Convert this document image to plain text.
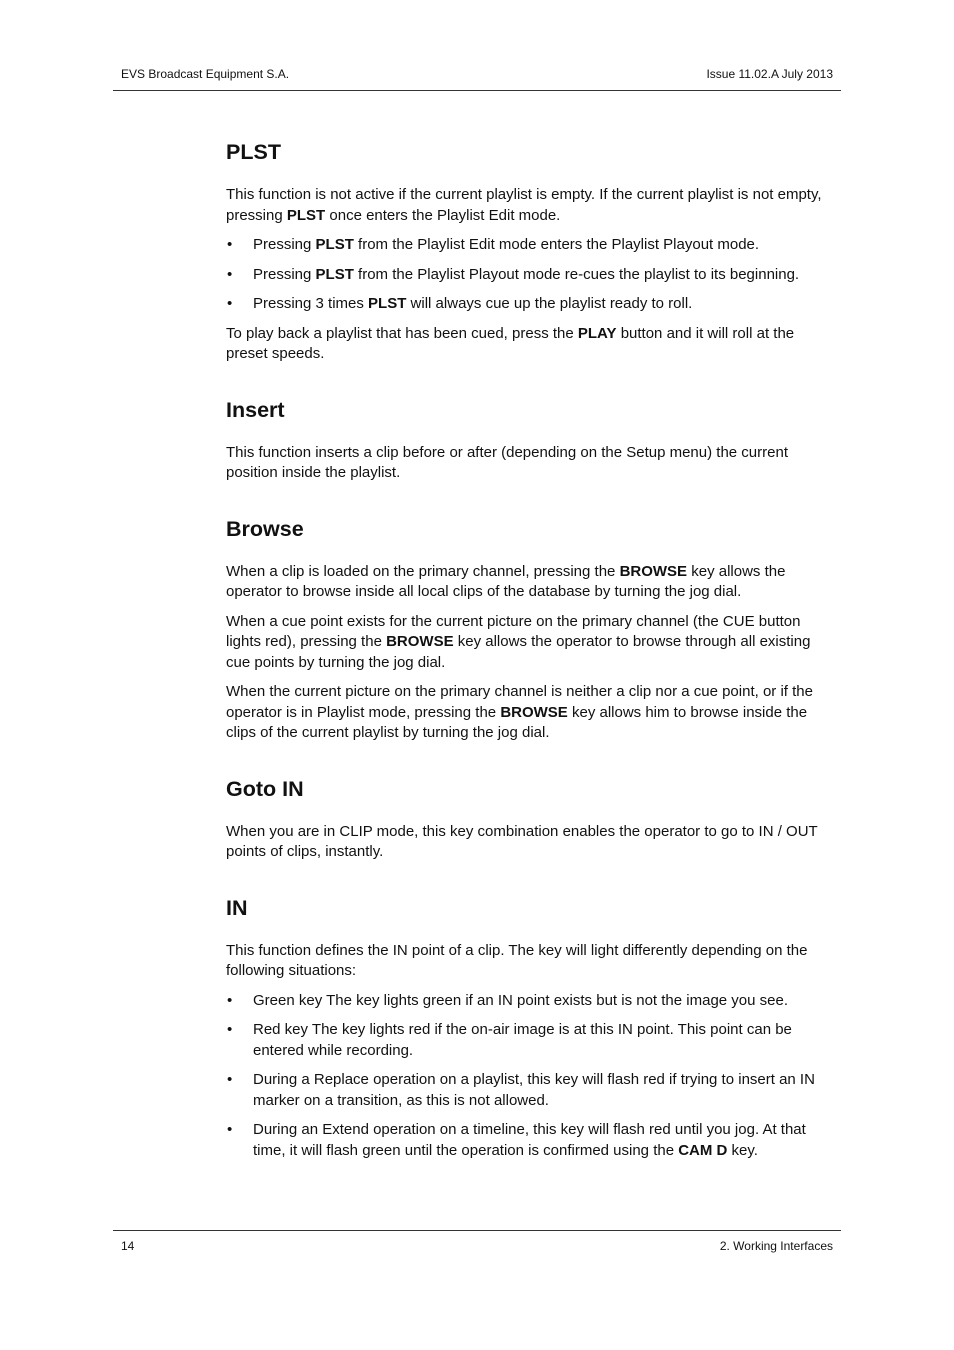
EVS Broadcast Equipment S.A.	Issue 11.02.A July 2013
PLST

This function is not active if the current playlist is empty. If the current playlist is not empty, pressing PLST once enters the Playlist Edit mode.

• Pressing PLST from the Playlist Edit mode enters the Playlist Playout mode.
• Pressing PLST from the Playlist Playout mode re-cues the playlist to its beginning.
• Pressing 3 times PLST will always cue up the playlist ready to roll.

To play back a playlist that has been cued, press the PLAY button and it will roll at the preset speeds.

Insert

This function inserts a clip before or after (depending on the Setup menu) the current position inside the playlist.

Browse

When a clip is loaded on the primary channel, pressing the BROWSE key allows the operator to browse inside all local clips of the database by turning the jog dial.

When a cue point exists for the current picture on the primary channel (the CUE button lights red), pressing the BROWSE key allows the operator to browse through all existing cue points by turning the jog dial.

When the current picture on the primary channel is neither a clip nor a cue point, or if the operator is in Playlist mode, pressing the BROWSE key allows him to browse inside the clips of the current playlist by turning the jog dial.

Goto IN

When you are in CLIP mode, this key combination enables the operator to go to IN / OUT points of clips, instantly.

IN

This function defines the IN point of a clip. The key will light differently depending on the following situations:

• Green key The key lights green if an IN point exists but is not the image you see.
• Red key The key lights red if the on-air image is at this IN point. This point can be entered while recording.
• During a Replace operation on a playlist, this key will flash red if trying to insert an IN marker on a transition, as this is not allowed.
• During an Extend operation on a timeline, this key will flash red until you jog. At that time, it will flash green until the operation is confirmed using the CAM D key.
14	2. Working Interfaces
